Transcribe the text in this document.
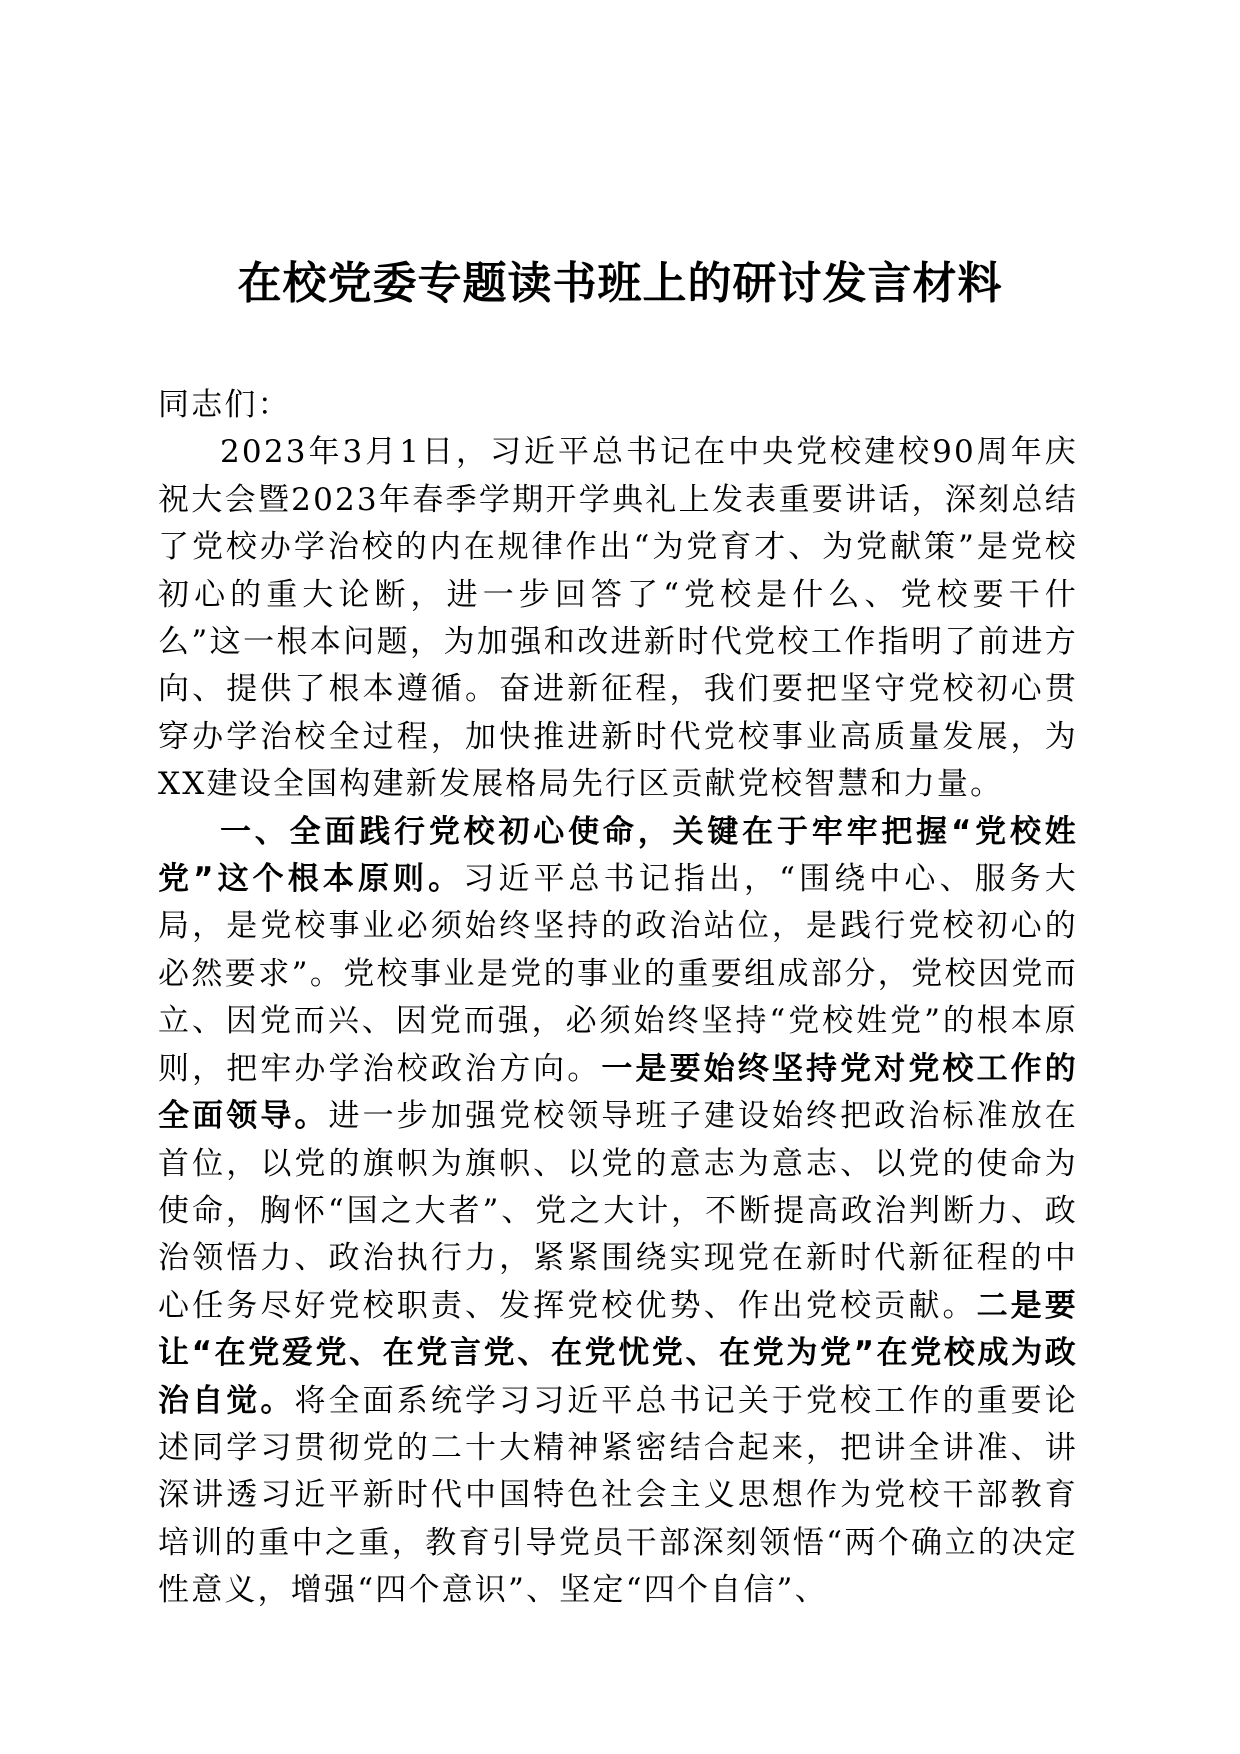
在校党委专题读书班上的研讨发言材料

同志们：

2023年3月1日，习近平总书记在中央党校建校90周年庆祝大会暨2023年春季学期开学典礼上发表重要讲话，深刻总结了党校办学治校的内在规律作出“为党育才、为党献策”是党校初心的重大论断，进一步回答了“党校是什么、党校要干什么”这一根本问题，为加强和改进新时代党校工作指明了前进方向、提供了根本遵循。奋进新征程，我们要把坚守党校初心贯穿办学治校全过程，加快推进新时代党校事业高质量发展，为XX建设全国构建新发展格局先行区贡献党校智慧和力量。

一、全面践行党校初心使命，关键在于牢牢把握“党校姓党”这个根本原则。习近平总书记指出，“围绕中心、服务大局，是党校事业必须始终坚持的政治站位，是践行党校初心的必然要求”。党校事业是党的事业的重要组成部分，党校因党而立、因党而兴、因党而强，必须始终坚持“党校姓党”的根本原则，把牢办学治校政治方向。一是要始终坚持党对党校工作的全面领导。进一步加强党校领导班子建设始终把政治标准放在首位，以党的旗帜为旗帜、以党的意志为意志、以党的使命为使命，胸怀“国之大者”、党之大计，不断提高政治判断力、政治领悟力、政治执行力，紧紧围绕实现党在新时代新征程的中心任务尽好党校职责、发挥党校优势、作出党校贡献。二是要让“在党爱党、在党言党、在党忧党、在党为党”在党校成为政治自觉。将全面系统学习习近平总书记关于党校工作的重要论述同学习贯彻党的二十大精神紧密结合起来，把讲全讲准、讲深讲透习近平新时代中国特色社会主义思想作为党校干部教育培训的重中之重，教育引导党员干部深刻领悟“两个确立的决定性意义，增强“四个意识”、坚定“四个自信”、
